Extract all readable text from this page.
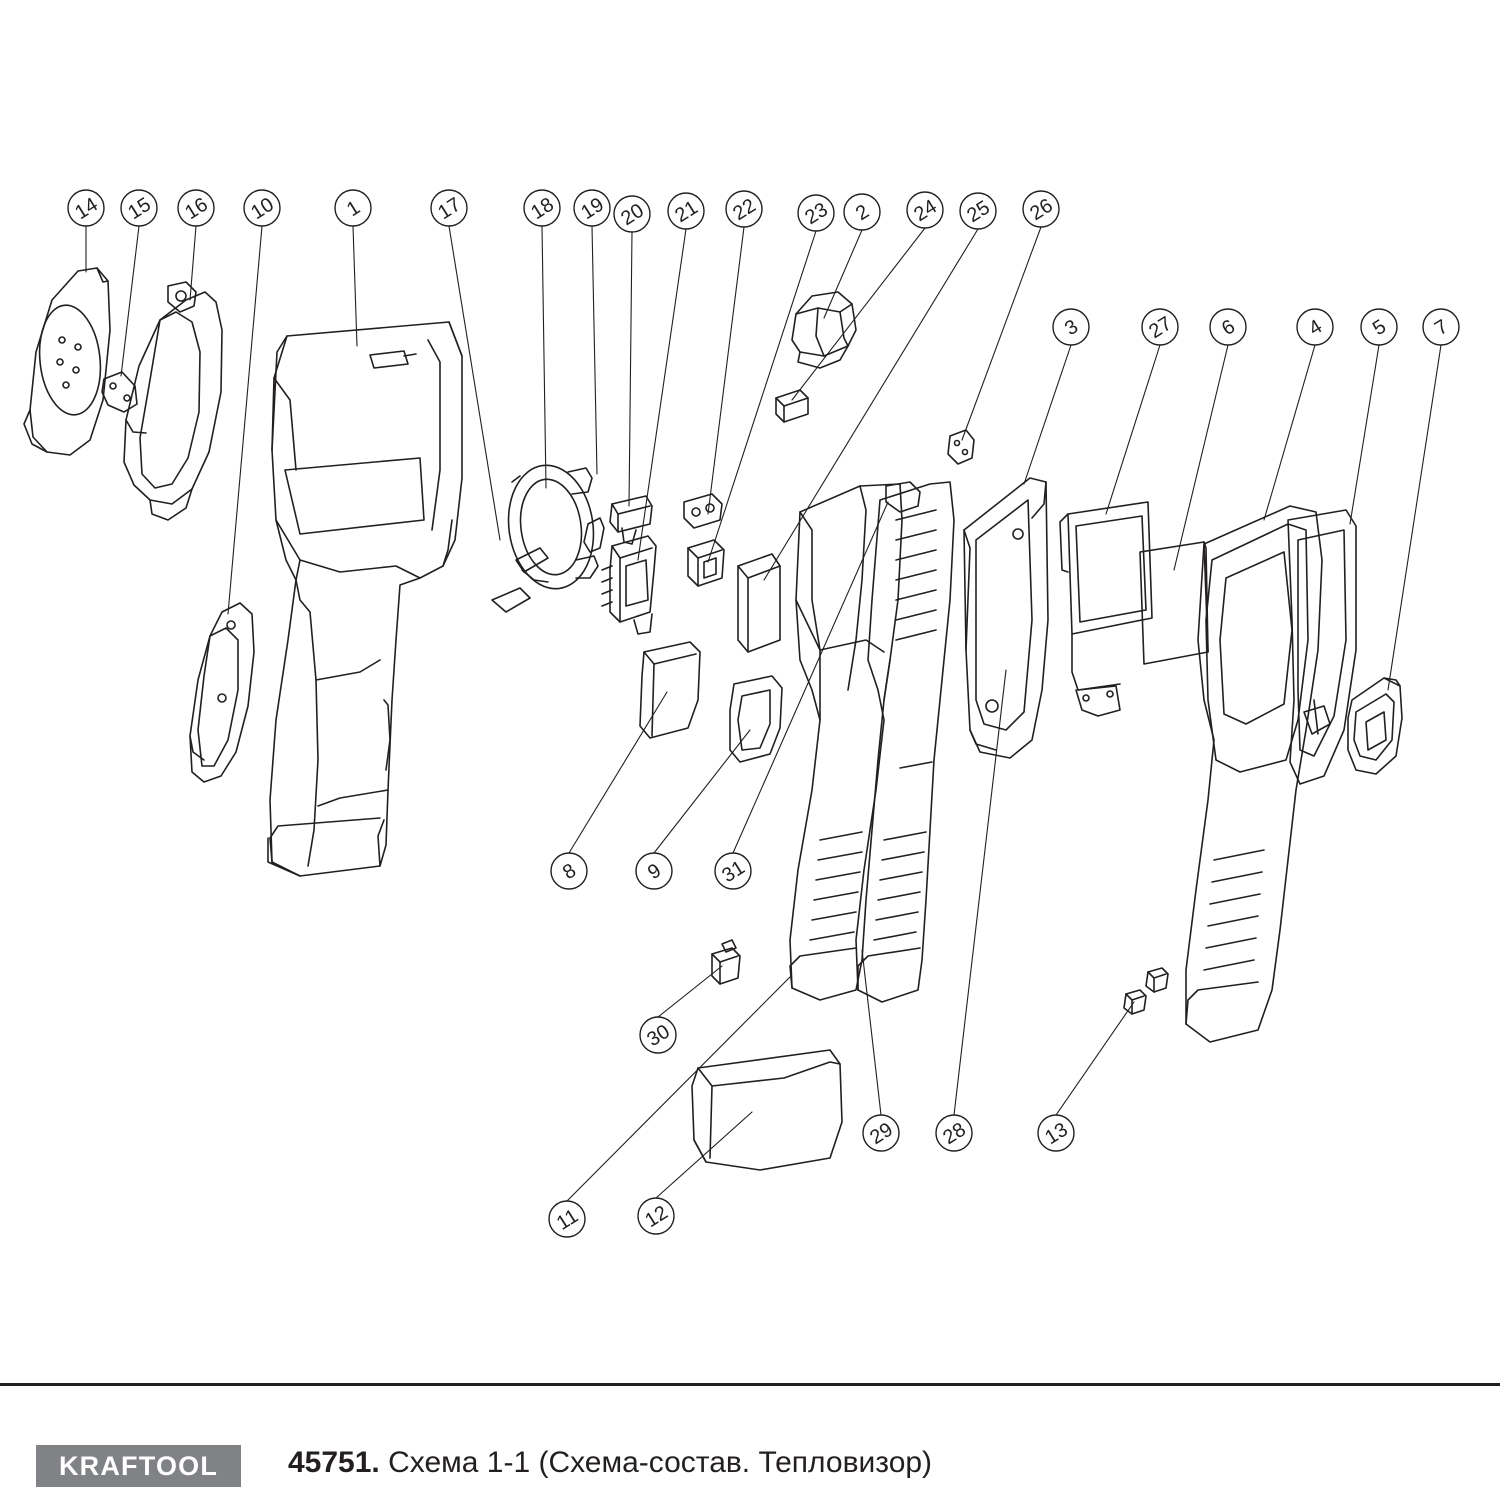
14 15 16 10	1	17	18 19 20 21 22 23 2 24 25 26
3	27 6	4 5 7
8	9	31
30
11	12
29 28	13
KRAFTOOL 45751. Схема 1-1 (Схема-состав. Тепловизор)
